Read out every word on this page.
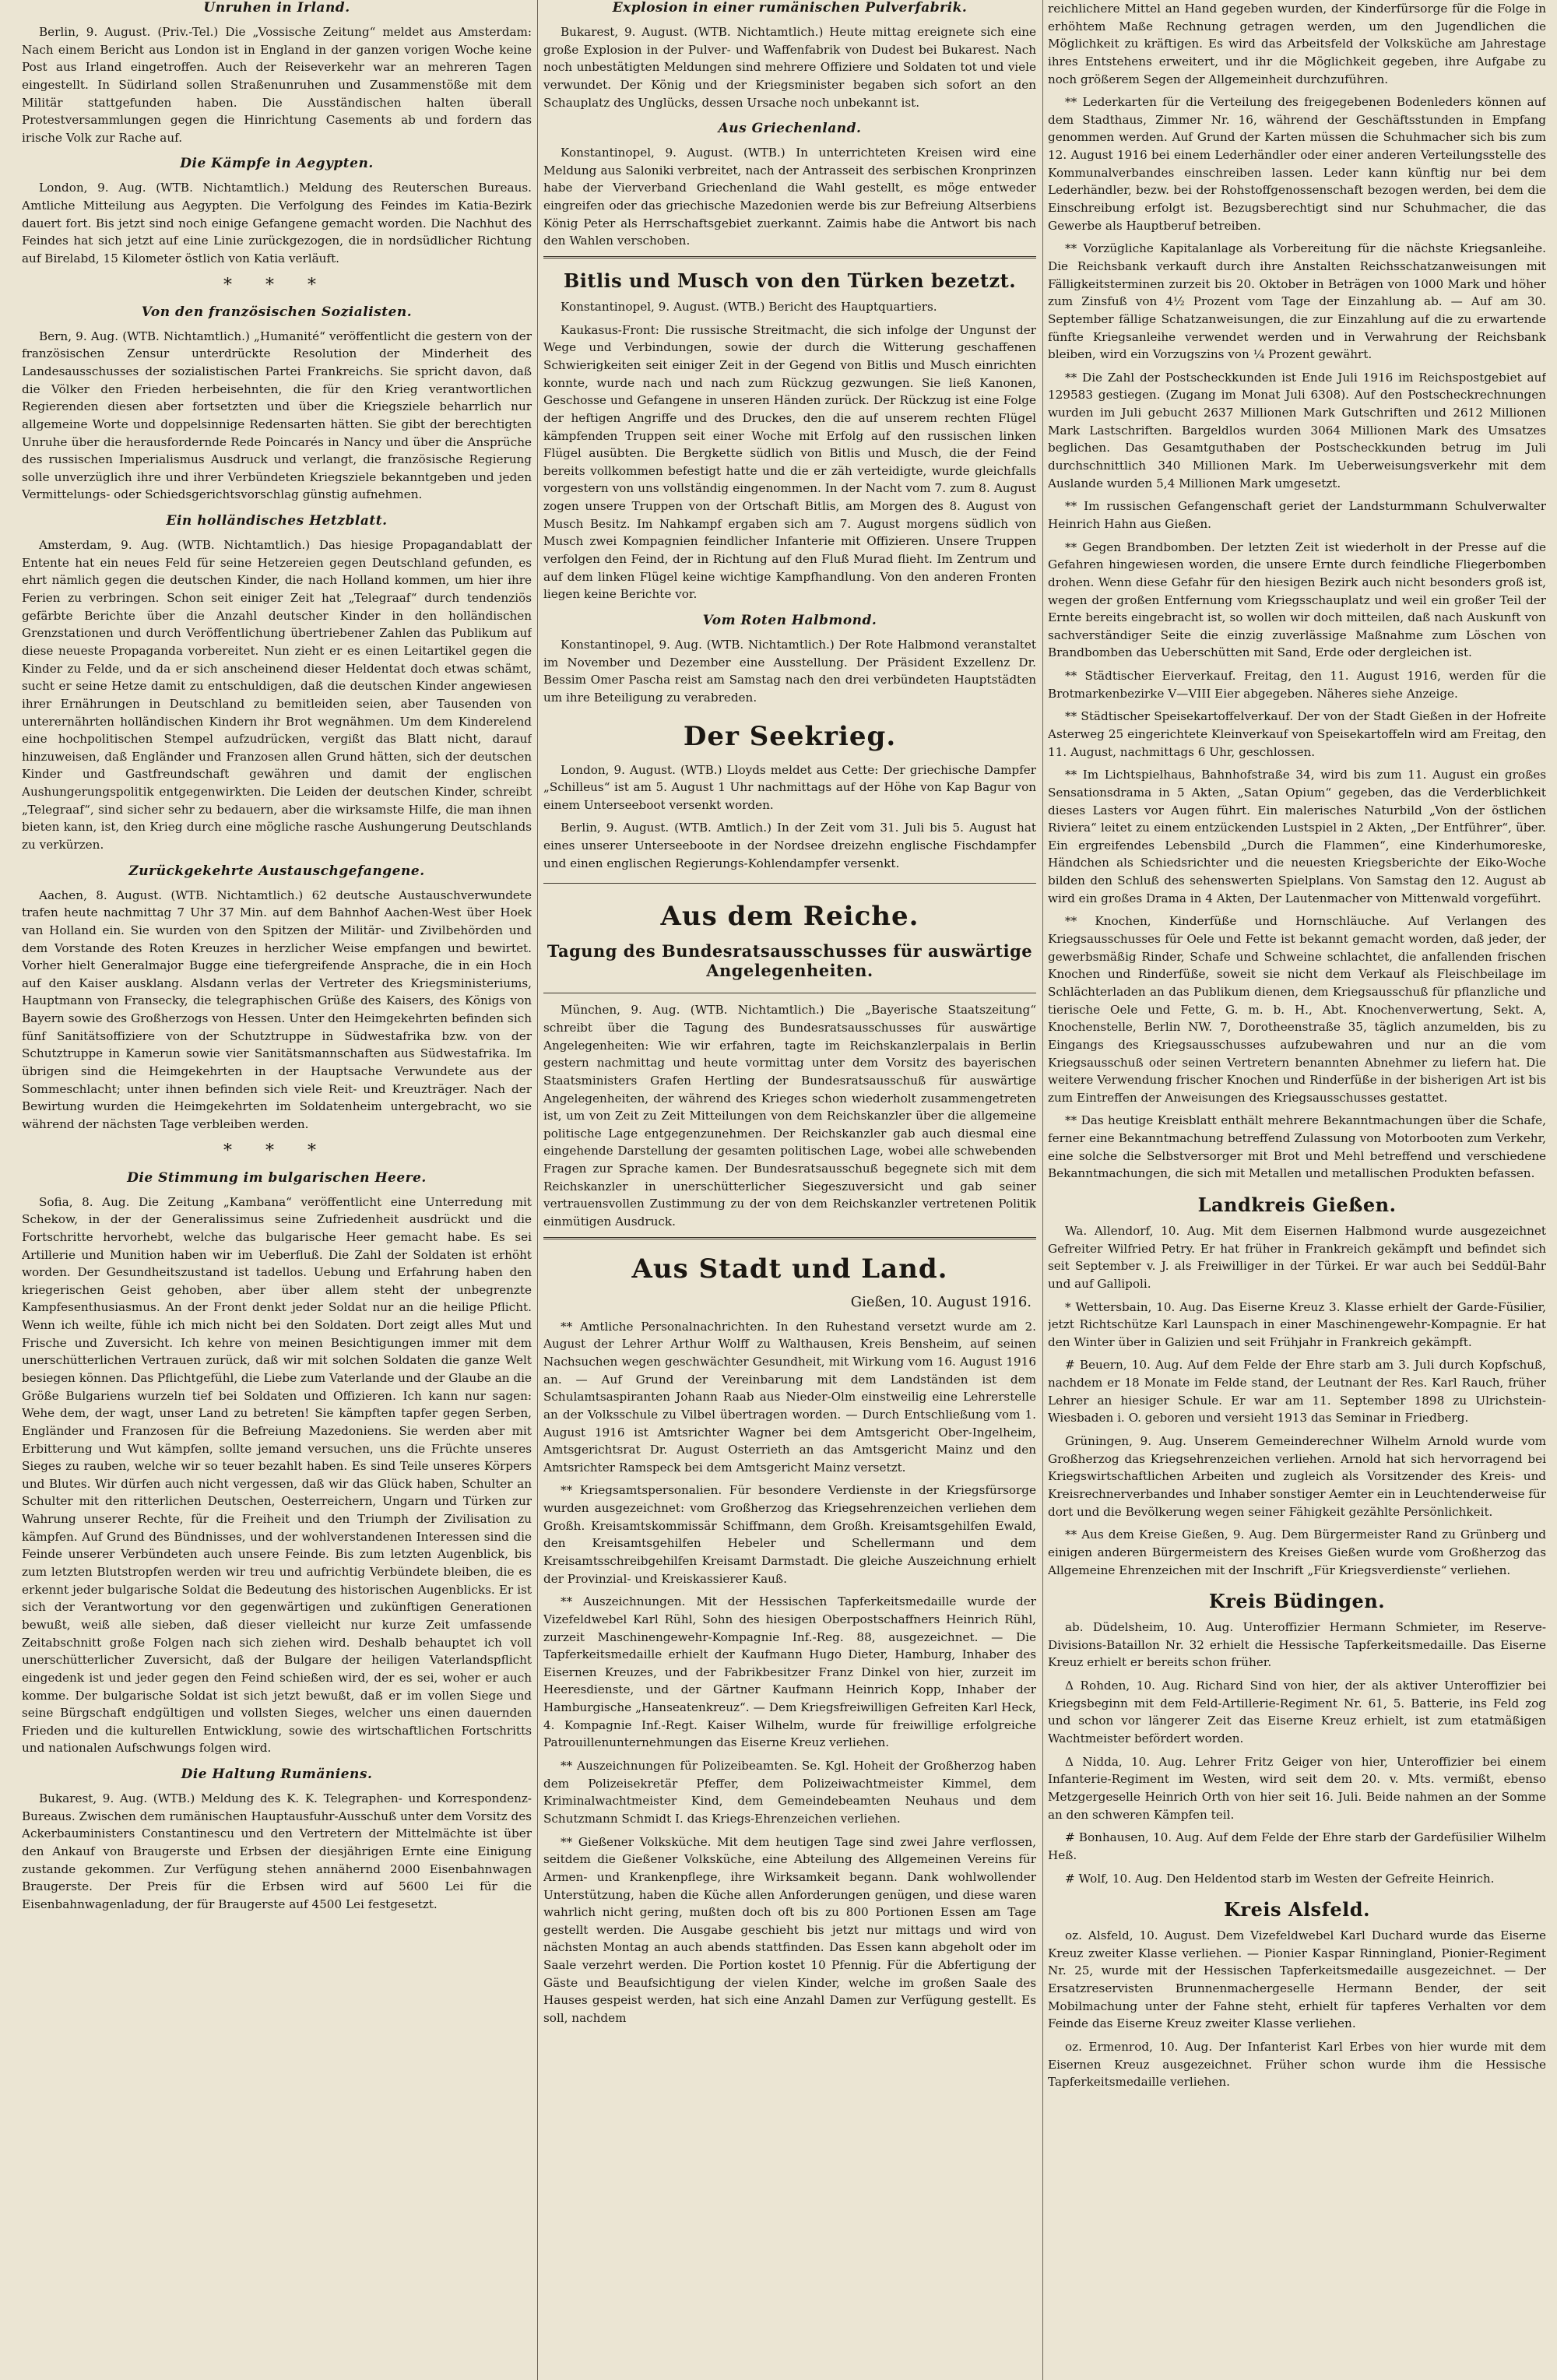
Unruhen in Irland.

Berlin, 9. August. (Priv.-Tel.) Die „Vossische Zeitung“ meldet aus Amsterdam: Nach einem Bericht aus London ist in England in der ganzen vorigen Woche keine Post aus Irland eingetroffen. Auch der Reiseverkehr war an mehreren Tagen eingestellt. In Südirland sollen Straßenunruhen und Zusammenstöße mit dem Militär stattgefunden haben. Die Ausständischen halten überall Protestversammlungen gegen die Hinrichtung Casements ab und fordern das irische Volk zur Rache auf.

Die Kämpfe in Aegypten.

London, 9. Aug. (WTB. Nichtamtlich.) Meldung des Reuterschen Bureaus. Amtliche Mitteilung aus Aegypten. Die Verfolgung des Feindes im Katia-Bezirk dauert fort. Bis jetzt sind noch einige Gefangene gemacht worden. Die Nachhut des Feindes hat sich jetzt auf eine Linie zurückgezogen, die in nordsüdlicher Richtung auf Birelabd, 15 Kilometer östlich von Katia verläuft.

* * *
Von den französischen Sozialisten.

Bern, 9. Aug. (WTB. Nichtamtlich.) „Humanité“ veröffentlicht die gestern von der französischen Zensur unterdrückte Resolution der Minderheit des Landesausschusses der sozialistischen Partei Frankreichs. Sie spricht davon, daß die Völker den Frieden herbeisehnten, die für den Krieg verantwortlichen Regierenden diesen aber fortsetzten und über die Kriegsziele beharrlich nur allgemeine Worte und doppelsinnige Redensarten hätten. Sie gibt der berechtigten Unruhe über die herausfordernde Rede Poincarés in Nancy und über die Ansprüche des russischen Imperialismus Ausdruck und verlangt, die französische Regierung solle unverzüglich ihre und ihrer Verbündeten Kriegsziele bekanntgeben und jeden Vermittelungs- oder Schiedsgerichtsvorschlag günstig aufnehmen.

Ein holländisches Hetzblatt.

Amsterdam, 9. Aug. (WTB. Nichtamtlich.) Das hiesige Propagandablatt der Entente hat ein neues Feld für seine Hetzereien gegen Deutschland gefunden, es ehrt nämlich gegen die deutschen Kinder, die nach Holland kommen, um hier ihre Ferien zu verbringen. Schon seit einiger Zeit hat „Telegraaf“ durch tendenziös gefärbte Berichte über die Anzahl deutscher Kinder in den holländischen Grenzstationen und durch Veröffentlichung übertriebener Zahlen das Publikum auf diese neueste Propaganda vorbereitet. Nun zieht er es einen Leitartikel gegen die Kinder zu Felde, und da er sich anscheinend dieser Heldentat doch etwas schämt, sucht er seine Hetze damit zu entschuldigen, daß die deutschen Kinder angewiesen ihrer Ernährungen in Deutschland zu bemitleiden seien, aber Tausenden von unterernährten holländischen Kindern ihr Brot wegnähmen. Um dem Kinderelend eine hochpolitischen Stempel aufzudrücken, vergißt das Blatt nicht, darauf hinzuweisen, daß Engländer und Franzosen allen Grund hätten, sich der deutschen Kinder und Gastfreundschaft gewähren und damit der englischen Aushungerungspolitik entgegenwirkten. Die Leiden der deutschen Kinder, schreibt „Telegraaf“, sind sicher sehr zu bedauern, aber die wirksamste Hilfe, die man ihnen bieten kann, ist, den Krieg durch eine mögliche rasche Aushungerung Deutschlands zu verkürzen.

Zurückgekehrte Austauschgefangene.

Aachen, 8. August. (WTB. Nichtamtlich.) 62 deutsche Austauschverwundete trafen heute nachmittag 7 Uhr 37 Min. auf dem Bahnhof Aachen-West über Hoek van Holland ein. Sie wurden von den Spitzen der Militär- und Zivilbehörden und dem Vorstande des Roten Kreuzes in herzlicher Weise empfangen und bewirtet. Vorher hielt Generalmajor Bugge eine tiefergreifende Ansprache, die in ein Hoch auf den Kaiser ausklang. Alsdann verlas der Vertreter des Kriegsministeriums, Hauptmann von Fransecky, die telegraphischen Grüße des Kaisers, des Königs von Bayern sowie des Großherzogs von Hessen. Unter den Heimgekehrten befinden sich fünf Sanitätsoffiziere von der Schutztruppe in Südwestafrika bzw. von der Schutztruppe in Kamerun sowie vier Sanitätsmannschaften aus Südwestafrika. Im übrigen sind die Heimgekehrten in der Hauptsache Verwundete aus der Sommeschlacht; unter ihnen befinden sich viele Reit- und Kreuzträger. Nach der Bewirtung wurden die Heimgekehrten im Soldatenheim untergebracht, wo sie während der nächsten Tage verbleiben werden.

* * *
Die Stimmung im bulgarischen Heere.

Sofia, 8. Aug. Die Zeitung „Kambana“ veröffentlicht eine Unterredung mit Schekow, in der der Generalissimus seine Zufriedenheit ausdrückt und die Fortschritte hervorhebt, welche das bulgarische Heer gemacht habe. Es sei Artillerie und Munition haben wir im Ueberfluß. Die Zahl der Soldaten ist erhöht worden. Der Gesundheitszustand ist tadellos. Uebung und Erfahrung haben den kriegerischen Geist gehoben, aber über allem steht der unbegrenzte Kampfesenthusiasmus. An der Front denkt jeder Soldat nur an die heilige Pflicht. Wenn ich weilte, fühle ich mich nicht bei den Soldaten. Dort zeigt alles Mut und Frische und Zuversicht. Ich kehre von meinen Besichtigungen immer mit dem unerschütterlichen Vertrauen zurück, daß wir mit solchen Soldaten die ganze Welt besiegen können. Das Pflichtgefühl, die Liebe zum Vaterlande und der Glaube an die Größe Bulgariens wurzeln tief bei Soldaten und Offizieren. Ich kann nur sagen: Wehe dem, der wagt, unser Land zu betreten! Sie kämpften tapfer gegen Serben, Engländer und Franzosen für die Befreiung Mazedoniens. Sie werden aber mit Erbitterung und Wut kämpfen, sollte jemand versuchen, uns die Früchte unseres Sieges zu rauben, welche wir so teuer bezahlt haben. Es sind Teile unseres Körpers und Blutes. Wir dürfen auch nicht vergessen, daß wir das Glück haben, Schulter an Schulter mit den ritterlichen Deutschen, Oesterreichern, Ungarn und Türken zur Wahrung unserer Rechte, für die Freiheit und den Triumph der Zivilisation zu kämpfen. Auf Grund des Bündnisses, und der wohlverstandenen Interessen sind die Feinde unserer Verbündeten auch unsere Feinde. Bis zum letzten Augenblick, bis zum letzten Blutstropfen werden wir treu und aufrichtig Verbündete bleiben, die es erkennt jeder bulgarische Soldat die Bedeutung des historischen Augenblicks. Er ist sich der Verantwortung vor den gegenwärtigen und zukünftigen Generationen bewußt, weiß alle sieben, daß dieser vielleicht nur kurze Zeit umfassende Zeitabschnitt große Folgen nach sich ziehen wird. Deshalb behauptet ich voll unerschütterlicher Zuversicht, daß der Bulgare der heiligen Vaterlandspflicht eingedenk ist und jeder gegen den Feind schießen wird, der es sei, woher er auch komme. Der bulgarische Soldat ist sich jetzt bewußt, daß er im vollen Siege und seine Bürgschaft endgültigen und vollsten Sieges, welcher uns einen dauernden Frieden und die kulturellen Entwicklung, sowie des wirtschaftlichen Fortschritts und nationalen Aufschwungs folgen wird.

Die Haltung Rumäniens.

Bukarest, 9. Aug. (WTB.) Meldung des K. K. Telegraphen- und Korrespondenz-Bureaus. Zwischen dem rumänischen Hauptausfuhr-Ausschuß unter dem Vorsitz des Ackerbauministers Constantinescu und den Vertretern der Mittelmächte ist über den Ankauf von Braugerste und Erbsen der diesjährigen Ernte eine Einigung zustande gekommen. Zur Verfügung stehen annähernd 2000 Eisenbahnwagen Braugerste. Der Preis für die Erbsen wird auf 5600 Lei für die Eisenbahnwagenladung, der für Braugerste auf 4500 Lei festgesetzt.

Explosion in einer rumänischen Pulverfabrik.

Bukarest, 9. August. (WTB. Nichtamtlich.) Heute mittag ereignete sich eine große Explosion in der Pulver- und Waffenfabrik von Dudest bei Bukarest. Nach noch unbestätigten Meldungen sind mehrere Offiziere und Soldaten tot und viele verwundet. Der König und der Kriegsminister begaben sich sofort an den Schauplatz des Unglücks, dessen Ursache noch unbekannt ist.

Aus Griechenland.

Konstantinopel, 9. August. (WTB.) In unterrichteten Kreisen wird eine Meldung aus Saloniki verbreitet, nach der Antrasseit des serbischen Kronprinzen habe der Vierverband Griechenland die Wahl gestellt, es möge entweder eingreifen oder das griechische Mazedonien werde bis zur Befreiung Altserbiens König Peter als Herrschaftsgebiet zuerkannt. Zaimis habe die Antwort bis nach den Wahlen verschoben.

Bitlis und Musch von den Türken bezetzt.

Konstantinopel, 9. August. (WTB.) Bericht des Hauptquartiers.

Kaukasus-Front: Die russische Streitmacht, die sich infolge der Ungunst der Wege und Verbindungen, sowie der durch die Witterung geschaffenen Schwierigkeiten seit einiger Zeit in der Gegend von Bitlis und Musch einrichten konnte, wurde nach und nach zum Rückzug gezwungen. Sie ließ Kanonen, Geschosse und Gefangene in unseren Händen zurück. Der Rückzug ist eine Folge der heftigen Angriffe und des Druckes, den die auf unserem rechten Flügel kämpfenden Truppen seit einer Woche mit Erfolg auf den russischen linken Flügel ausübten. Die Bergkette südlich von Bitlis und Musch, die der Feind bereits vollkommen befestigt hatte und die er zäh verteidigte, wurde gleichfalls vorgestern von uns vollständig eingenommen. In der Nacht vom 7. zum 8. August zogen unsere Truppen von der Ortschaft Bitlis, am Morgen des 8. August von Musch Besitz. Im Nahkampf ergaben sich am 7. August morgens südlich von Musch zwei Kompagnien feindlicher Infanterie mit Offizieren. Unsere Truppen verfolgen den Feind, der in Richtung auf den Fluß Murad flieht. Im Zentrum und auf dem linken Flügel keine wichtige Kampfhandlung. Von den anderen Fronten liegen keine Berichte vor.

Vom Roten Halbmond.

Konstantinopel, 9. Aug. (WTB. Nichtamtlich.) Der Rote Halbmond veranstaltet im November und Dezember eine Ausstellung. Der Präsident Exzellenz Dr. Bessim Omer Pascha reist am Samstag nach den drei verbündeten Hauptstädten um ihre Beteiligung zu verabreden.

Der Seekrieg.

London, 9. August. (WTB.) Lloyds meldet aus Cette: Der griechische Dampfer „Schilleus“ ist am 5. August 1 Uhr nachmittags auf der Höhe von Kap Bagur von einem Unterseeboot versenkt worden.

Berlin, 9. August. (WTB. Amtlich.) In der Zeit vom 31. Juli bis 5. August hat eines unserer Unterseeboote in der Nordsee dreizehn englische Fischdampfer und einen englischen Regierungs-Kohlendampfer versenkt.

Aus dem Reiche.
Tagung des Bundesratsausschusses für auswärtige Angelegenheiten.

München, 9. Aug. (WTB. Nichtamtlich.) Die „Bayerische Staatszeitung“ schreibt über die Tagung des Bundesratsausschusses für auswärtige Angelegenheiten: Wie wir erfahren, tagte im Reichskanzlerpalais in Berlin gestern nachmittag und heute vormittag unter dem Vorsitz des bayerischen Staatsministers Grafen Hertling der Bundesratsausschuß für auswärtige Angelegenheiten, der während des Krieges schon wiederholt zusammengetreten ist, um von Zeit zu Zeit Mitteilungen von dem Reichskanzler über die allgemeine politische Lage entgegenzunehmen. Der Reichskanzler gab auch diesmal eine eingehende Darstellung der gesamten politischen Lage, wobei alle schwebenden Fragen zur Sprache kamen. Der Bundesratsausschuß begegnete sich mit dem Reichskanzler in unerschütterlicher Siegeszuversicht und gab seiner vertrauensvollen Zustimmung zu der von dem Reichskanzler vertretenen Politik einmütigen Ausdruck.

Aus Stadt und Land.
Gießen, 10. August 1916.

** Amtliche Personalnachrichten. In den Ruhestand versetzt wurde am 2. August der Lehrer Arthur Wolff zu Walthausen, Kreis Bensheim, auf seinen Nachsuchen wegen geschwächter Gesundheit, mit Wirkung vom 16. August 1916 an. — Auf Grund der Vereinbarung mit dem Landständen ist dem Schulamtsaspiranten Johann Raab aus Nieder-Olm einstweilig eine Lehrerstelle an der Volksschule zu Vilbel übertragen worden. — Durch Entschließung vom 1. August 1916 ist Amtsrichter Wagner bei dem Amtsgericht Ober-Ingelheim, Amtsgerichtsrat Dr. August Osterrieth an das Amtsgericht Mainz und den Amtsrichter Ramspeck bei dem Amtsgericht Mainz versetzt.

** Kriegsamtspersonalien. Für besondere Verdienste in der Kriegsfürsorge wurden ausgezeichnet: vom Großherzog das Kriegsehrenzeichen verliehen dem Großh. Kreisamtskommissär Schiffmann, dem Großh. Kreisamtsgehilfen Ewald, den Kreisamtsgehilfen Hebeler und Schellermann und dem Kreisamtsschreibgehilfen Kreisamt Darmstadt. Die gleiche Auszeichnung erhielt der Provinzial- und Kreiskassierer Kauß.

** Auszeichnungen. Mit der Hessischen Tapferkeitsmedaille wurde der Vizefeldwebel Karl Rühl, Sohn des hiesigen Oberpostschaffners Heinrich Rühl, zurzeit Maschinengewehr-Kompagnie Inf.-Reg. 88, ausgezeichnet. — Die Tapferkeitsmedaille erhielt der Kaufmann Hugo Dieter, Hamburg, Inhaber des Eisernen Kreuzes, und der Fabrikbesitzer Franz Dinkel von hier, zurzeit im Heeresdienste, und der Gärtner Kaufmann Heinrich Kopp, Inhaber der Hamburgische „Hanseatenkreuz“. — Dem Kriegsfreiwilligen Gefreiten Karl Heck, 4. Kompagnie Inf.-Regt. Kaiser Wilhelm, wurde für freiwillige erfolgreiche Patrouillenunternehmungen das Eiserne Kreuz verliehen.

** Auszeichnungen für Polizeibeamten. Se. Kgl. Hoheit der Großherzog haben dem Polizeisekretär Pfeffer, dem Polizeiwachtmeister Kimmel, dem Kriminalwachtmeister Kind, dem Gemeindebeamten Neuhaus und dem Schutzmann Schmidt I. das Kriegs-Ehrenzeichen verliehen.

** Gießener Volksküche. Mit dem heutigen Tage sind zwei Jahre verflossen, seitdem die Gießener Volksküche, eine Abteilung des Allgemeinen Vereins für Armen- und Krankenpflege, ihre Wirksamkeit begann. Dank wohlwollender Unterstützung, haben die Küche allen Anforderungen genügen, und diese waren wahrlich nicht gering, mußten doch oft bis zu 800 Portionen Essen am Tage gestellt werden. Die Ausgabe geschieht bis jetzt nur mittags und wird von nächsten Montag an auch abends stattfinden. Das Essen kann abgeholt oder im Saale verzehrt werden. Die Portion kostet 10 Pfennig. Für die Abfertigung der Gäste und Beaufsichtigung der vielen Kinder, welche im großen Saale des Hauses gespeist werden, hat sich eine Anzahl Damen zur Verfügung gestellt. Es soll, nachdem

reichlichere Mittel an Hand gegeben wurden, der Kinderfürsorge für die Folge in erhöhtem Maße Rechnung getragen werden, um den Jugendlichen die Möglichkeit zu kräftigen. Es wird das Arbeitsfeld der Volksküche am Jahrestage ihres Entstehens erweitert, und ihr die Möglichkeit gegeben, ihre Aufgabe zu noch größerem Segen der Allgemeinheit durchzuführen.

** Lederkarten für die Verteilung des freigegebenen Bodenleders können auf dem Stadthaus, Zimmer Nr. 16, während der Geschäftsstunden in Empfang genommen werden. Auf Grund der Karten müssen die Schuhmacher sich bis zum 12. August 1916 bei einem Lederhändler oder einer anderen Verteilungsstelle des Kommunalverbandes einschreiben lassen. Leder kann künftig nur bei dem Lederhändler, bezw. bei der Rohstoffgenossenschaft bezogen werden, bei dem die Einschreibung erfolgt ist. Bezugsberechtigt sind nur Schuhmacher, die das Gewerbe als Hauptberuf betreiben.

** Vorzügliche Kapitalanlage als Vorbereitung für die nächste Kriegsanleihe. Die Reichsbank verkauft durch ihre Anstalten Reichsschatzanweisungen mit Fälligkeitsterminen zurzeit bis 20. Oktober in Beträgen von 1000 Mark und höher zum Zinsfuß von 4½ Prozent vom Tage der Einzahlung ab. — Auf am 30. September fällige Schatzanweisungen, die zur Einzahlung auf die zu erwartende fünfte Kriegsanleihe verwendet werden und in Verwahrung der Reichsbank bleiben, wird ein Vorzugszins von ¼ Prozent gewährt.

** Die Zahl der Postscheckkunden ist Ende Juli 1916 im Reichspostgebiet auf 129583 gestiegen. (Zugang im Monat Juli 6308). Auf den Postscheckrechnungen wurden im Juli gebucht 2637 Millionen Mark Gutschriften und 2612 Millionen Mark Lastschriften. Bargeldlos wurden 3064 Millionen Mark des Umsatzes beglichen. Das Gesamtguthaben der Postscheckkunden betrug im Juli durchschnittlich 340 Millionen Mark. Im Ueberweisungsverkehr mit dem Auslande wurden 5,4 Millionen Mark umgesetzt.

** Im russischen Gefangenschaft geriet der Landsturmmann Schulverwalter Heinrich Hahn aus Gießen.

** Gegen Brandbomben. Der letzten Zeit ist wiederholt in der Presse auf die Gefahren hingewiesen worden, die unsere Ernte durch feindliche Fliegerbomben drohen. Wenn diese Gefahr für den hiesigen Bezirk auch nicht besonders groß ist, wegen der großen Entfernung vom Kriegsschauplatz und weil ein großer Teil der Ernte bereits eingebracht ist, so wollen wir doch mitteilen, daß nach Auskunft von sachverständiger Seite die einzig zuverlässige Maßnahme zum Löschen von Brandbomben das Ueberschütten mit Sand, Erde oder dergleichen ist.

** Städtischer Eierverkauf. Freitag, den 11. August 1916, werden für die Brotmarkenbezirke V—VIII Eier abgegeben. Näheres siehe Anzeige.

** Städtischer Speisekartoffelverkauf. Der von der Stadt Gießen in der Hofreite Asterweg 25 eingerichtete Kleinverkauf von Speisekartoffeln wird am Freitag, den 11. August, nachmittags 6 Uhr, geschlossen.

** Im Lichtspielhaus, Bahnhofstraße 34, wird bis zum 11. August ein großes Sensationsdrama in 5 Akten, „Satan Opium“ gegeben, das die Verderblichkeit dieses Lasters vor Augen führt. Ein malerisches Naturbild „Von der östlichen Riviera“ leitet zu einem entzückenden Lustspiel in 2 Akten, „Der Entführer“, über. Ein ergreifendes Lebensbild „Durch die Flammen“, eine Kinderhumoreske, Händchen als Schiedsrichter und die neuesten Kriegsberichte der Eiko-Woche bilden den Schluß des sehenswerten Spielplans. Von Samstag den 12. August ab wird ein großes Drama in 4 Akten, Der Lautenmacher von Mittenwald vorgeführt.

** Knochen, Kinderfüße und Hornschläuche. Auf Verlangen des Kriegsausschusses für Oele und Fette ist bekannt gemacht worden, daß jeder, der gewerbsmäßig Rinder, Schafe und Schweine schlachtet, die anfallenden frischen Knochen und Rinderfüße, soweit sie nicht dem Verkauf als Fleischbeilage im Schlächterladen an das Publikum dienen, dem Kriegsausschuß für pflanzliche und tierische Oele und Fette, G. m. b. H., Abt. Knochenverwertung, Sekt. A, Knochenstelle, Berlin NW. 7, Dorotheenstraße 35, täglich anzumelden, bis zu Eingangs des Kriegsausschusses aufzubewahren und nur an die vom Kriegsausschuß oder seinen Vertretern benannten Abnehmer zu liefern hat. Die weitere Verwendung frischer Knochen und Rinderfüße in der bisherigen Art ist bis zum Eintreffen der Anweisungen des Kriegsausschusses gestattet.

** Das heutige Kreisblatt enthält mehrere Bekanntmachungen über die Schafe, ferner eine Bekanntmachung betreffend Zulassung von Motorbooten zum Verkehr, eine solche die Selbstversorger mit Brot und Mehl betreffend und verschiedene Bekanntmachungen, die sich mit Metallen und metallischen Produkten befassen.

Landkreis Gießen.

Wa. Allendorf, 10. Aug. Mit dem Eisernen Halbmond wurde ausgezeichnet Gefreiter Wilfried Petry. Er hat früher in Frankreich gekämpft und befindet sich seit September v. J. als Freiwilliger in der Türkei. Er war auch bei Seddül-Bahr und auf Gallipoli.

* Wettersbain, 10. Aug. Das Eiserne Kreuz 3. Klasse erhielt der Garde-Füsilier, jetzt Richtschütze Karl Launspach in einer Maschinengewehr-Kompagnie. Er hat den Winter über in Galizien und seit Frühjahr in Frankreich gekämpft.

# Beuern, 10. Aug. Auf dem Felde der Ehre starb am 3. Juli durch Kopfschuß, nachdem er 18 Monate im Felde stand, der Leutnant der Res. Karl Rauch, früher Lehrer an hiesiger Schule. Er war am 11. September 1898 zu Ulrichstein-Wiesbaden i. O. geboren und versieht 1913 das Seminar in Friedberg.

Grüningen, 9. Aug. Unserem Gemeinderechner Wilhelm Arnold wurde vom Großherzog das Kriegsehrenzeichen verliehen. Arnold hat sich hervorragend bei Kriegswirtschaftlichen Arbeiten und zugleich als Vorsitzender des Kreis- und Kreisrechnerverbandes und Inhaber sonstiger Aemter ein in Leuchtenderweise für dort und die Bevölkerung wegen seiner Fähigkeit gezählte Persönlichkeit.

** Aus dem Kreise Gießen, 9. Aug. Dem Bürgermeister Rand zu Grünberg und einigen anderen Bürgermeistern des Kreises Gießen wurde vom Großherzog das Allgemeine Ehrenzeichen mit der Inschrift „Für Kriegsverdienste“ verliehen.

Kreis Büdingen.

ab. Düdelsheim, 10. Aug. Unteroffizier Hermann Schmieter, im Reserve-Divisions-Bataillon Nr. 32 erhielt die Hessische Tapferkeitsmedaille. Das Eiserne Kreuz erhielt er bereits schon früher.

Δ Rohden, 10. Aug. Richard Sind von hier, der als aktiver Unteroffizier bei Kriegsbeginn mit dem Feld-Artillerie-Regiment Nr. 61, 5. Batterie, ins Feld zog und schon vor längerer Zeit das Eiserne Kreuz erhielt, ist zum etatmäßigen Wachtmeister befördert worden.

Δ Nidda, 10. Aug. Lehrer Fritz Geiger von hier, Unteroffizier bei einem Infanterie-Regiment im Westen, wird seit dem 20. v. Mts. vermißt, ebenso Metzgergeselle Heinrich Orth von hier seit 16. Juli. Beide nahmen an der Somme an den schweren Kämpfen teil.

# Bonhausen, 10. Aug. Auf dem Felde der Ehre starb der Gardefüsilier Wilhelm Heß.

# Wolf, 10. Aug. Den Heldentod starb im Westen der Gefreite Heinrich.

Kreis Alsfeld.

oz. Alsfeld, 10. August. Dem Vizefeldwebel Karl Duchard wurde das Eiserne Kreuz zweiter Klasse verliehen. — Pionier Kaspar Rinningland, Pionier-Regiment Nr. 25, wurde mit der Hessischen Tapferkeitsmedaille ausgezeichnet. — Der Ersatzreservisten Brunnenmachergeselle Hermann Bender, der seit Mobilmachung unter der Fahne steht, erhielt für tapferes Verhalten vor dem Feinde das Eiserne Kreuz zweiter Klasse verliehen.

oz. Ermenrod, 10. Aug. Der Infanterist Karl Erbes von hier wurde mit dem Eisernen Kreuz ausgezeichnet. Früher schon wurde ihm die Hessische Tapferkeitsmedaille verliehen.
